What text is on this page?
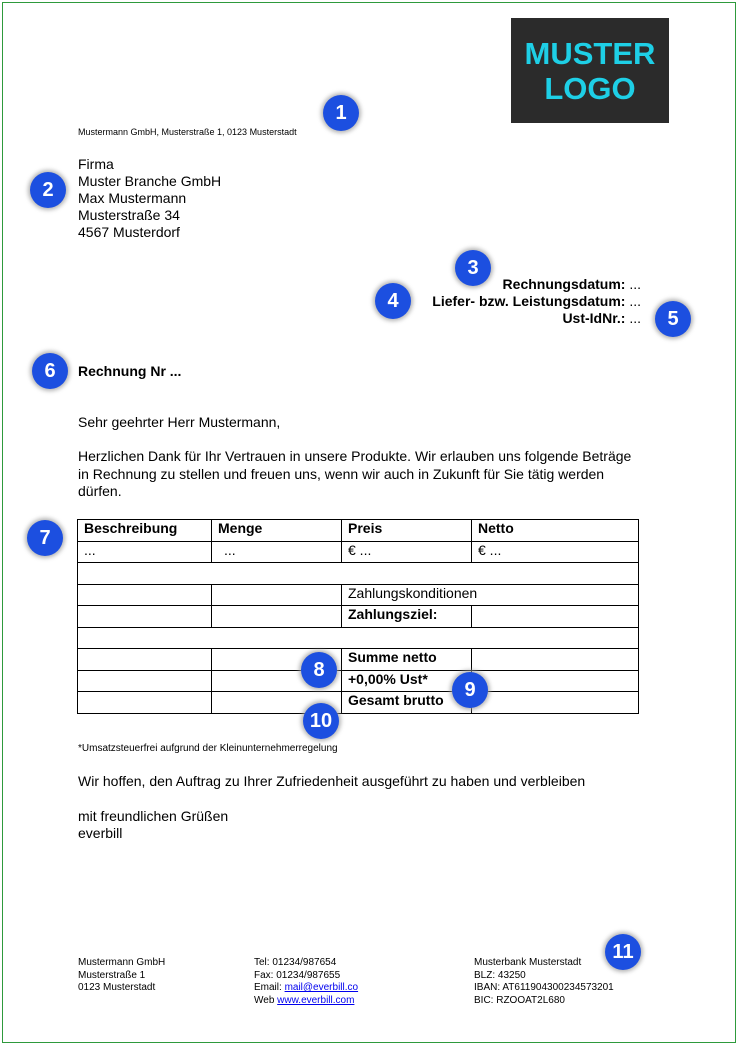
MUSTER
LOGO
Mustermann GmbH, Musterstraße 1, 0123 Musterstadt
Firma
Muster Branche GmbH
Max Mustermann
Musterstraße 34
4567 Musterdorf
Rechnungsdatum: ...
Liefer- bzw. Leistungsdatum: ...
Ust-IdNr.: ...
Rechnung Nr ...
Sehr geehrter Herr Mustermann,
Herzlichen Dank für Ihr Vertrauen in unsere Produkte. Wir erlauben uns folgende Beträge in Rechnung zu stellen und freuen uns, wenn wir auch in Zukunft für Sie tätig werden dürfen.
Beschreibung	Menge	Preis	Netto
...	...	€ ...	€ ...

		Zahlungskonditionen	
		Zahlungsziel:	

		Summe netto	
		+0,00% Ust*	
		Gesamt brutto	
*Umsatzsteuerfrei aufgrund der Kleinunternehmerregelung
Wir hoffen, den Auftrag zu Ihrer Zufriedenheit ausgeführt zu haben und verbleiben
mit freundlichen Grüßen
everbill
Mustermann GmbH
Musterstraße 1
0123 Musterstadt
Tel: 01234/987654
Fax: 01234/987655
Email: mail@everbill.co
Web www.everbill.com
Musterbank Musterstadt
BLZ: 43250
IBAN: AT611904300234573201
BIC: RZOOAT2L680
1
2
3
4
5
6
7
8
9
10
11
